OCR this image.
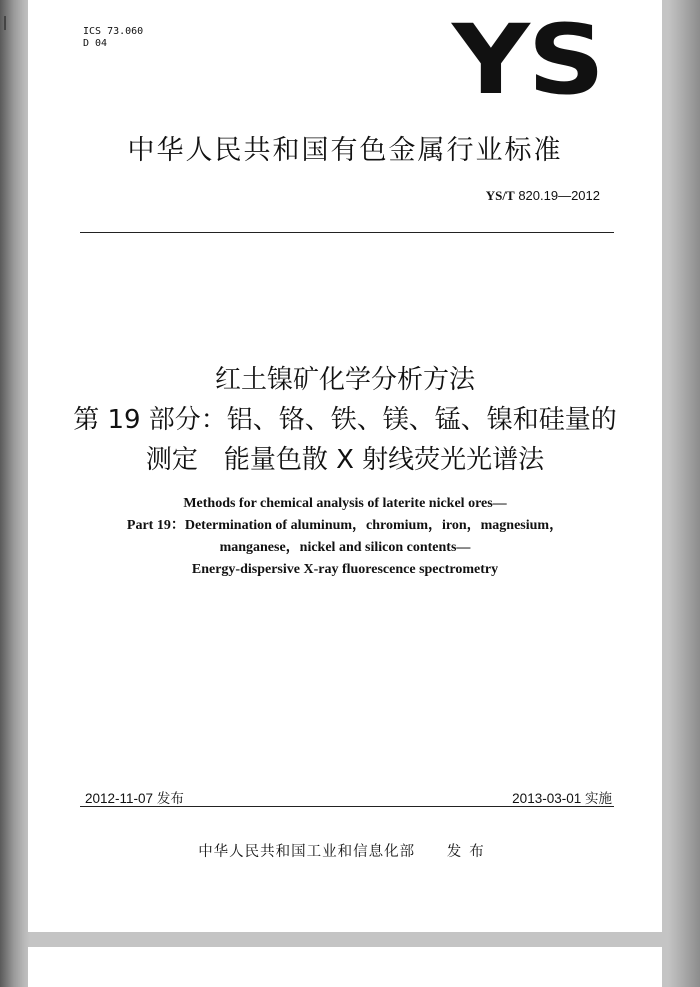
ICS 73.060
D 04	YS
中华人民共和国有色金属行业标准
YS/T 820.19—2012
红土镍矿化学分析方法
第 19 部分：铝、铬、铁、镁、锰、镍和硅量的
测定　能量色散 X 射线荧光光谱法
Methods for chemical analysis of laterite nickel ores—
Part 19：Determination of aluminum，chromium，iron，magnesium，
manganese，nickel and silicon contents—
Energy-dispersive X-ray fluorescence spectrometry
2012-11-07 发布	2013-03-01 实施
中华人民共和国工业和信息化部 发布
